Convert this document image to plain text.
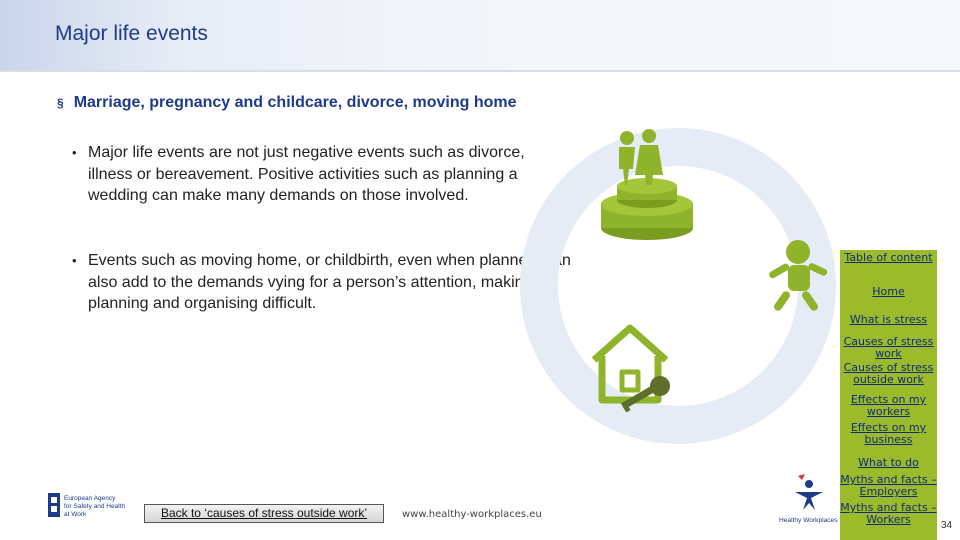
Major life events
§ Marriage, pregnancy and childcare, divorce, moving home
• Major life events are not just negative events such as divorce, illness or bereavement. Positive activities such as planning a wedding can make many demands on those involved.
• Events such as moving home, or childbirth, even when planned, can also add to the demands vying for a person’s attention, making planning and organising difficult.
Table of content
Home
What is stress
Causes of stress work
Causes of stress outside work
Effects on my workers
Effects on my business
What to do
Myths and facts – Employers
Myths and facts – Workers
European Agency
for Safety and Health
at Work	Back to ‘causes of stress outside work’	www.healthy-workplaces.eu
Healthy Workplaces	34
